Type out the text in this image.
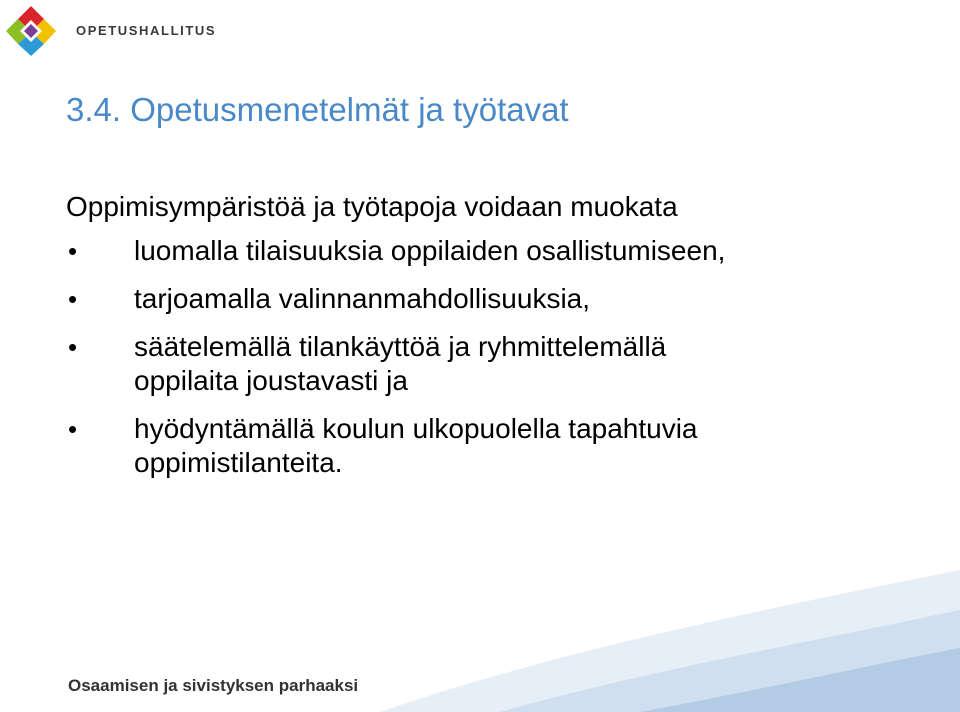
OPETUSHALLITUS
3.4. Opetusmenetelmät ja työtavat

Oppimisympäristöä ja työtapoja voidaan muokata

• luomalla tilaisuuksia oppilaiden osallistumiseen,
• tarjoamalla valinnanmahdollisuuksia,
• säätelemällä tilankäyttöä ja ryhmittelemällä
oppilaita joustavasti ja
• hyödyntämällä koulun ulkopuolella tapahtuvia
oppimistilanteita.
Osaamisen ja sivistyksen parhaaksi
